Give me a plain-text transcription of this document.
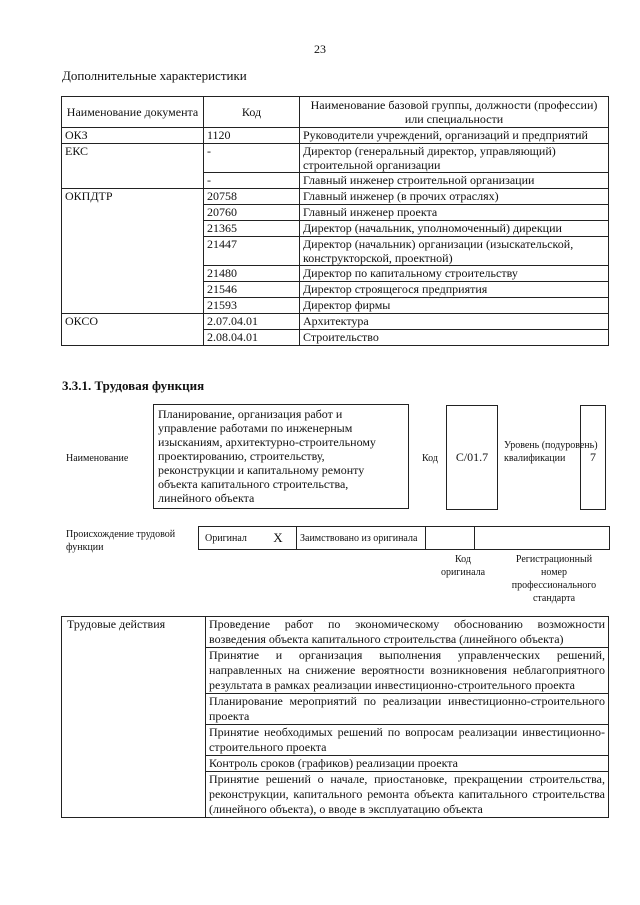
23
Дополнительные характеристики
Наименование документа	Код	Наименование базовой группы, должности (профессии) или специальности
ОКЗ	1120	Руководители учреждений, организаций и предприятий
ЕКС	-	Директор (генеральный директор, управляющий) строительной организации
	-	Главный инженер строительной организации
ОКПДТР	20758	Главный инженер (в прочих отраслях)
	20760	Главный инженер проекта
	21365	Директор (начальник, уполномоченный) дирекции
	21447	Директор (начальник) организации (изыскательской, конструкторской, проектной)
	21480	Директор по капитальному строительству
	21546	Директор строящегося предприятия
	21593	Директор фирмы
ОКСО	2.07.04.01	Архитектура
	2.08.04.01	Строительство
3.3.1. Трудовая функция
Наименование
Планирование, организация работ и управление работами по инженерным изысканиям, архитектурно-строительному проектированию, строительству, реконструкции и капитальному ремонту объекта капитального строительства, линейного объекта
Код	С/01.7
Уровень (подуровень) квалификации	7
Происхождение трудовой функции
Оригинал	X	Заимствовано из оригинала		
Код оригинала
Регистрационный номер профессионального стандарта
Трудовые действия	Проведение работ по экономическому обоснованию возможности возведения объекта капитального строительства (линейного объекта)
Принятие и организация выполнения управленческих решений, направленных на снижение вероятности возникновения неблагоприятного результата в рамках реализации инвестиционно-строительного проекта
Планирование мероприятий по реализации инвестиционно-строительного проекта
Принятие необходимых решений по вопросам реализации инвестиционно-строительного проекта
Контроль сроков (графиков) реализации проекта
Принятие решений о начале, приостановке, прекращении строительства, реконструкции, капитального ремонта объекта капитального строительства (линейного объекта), о вводе в эксплуатацию объекта
